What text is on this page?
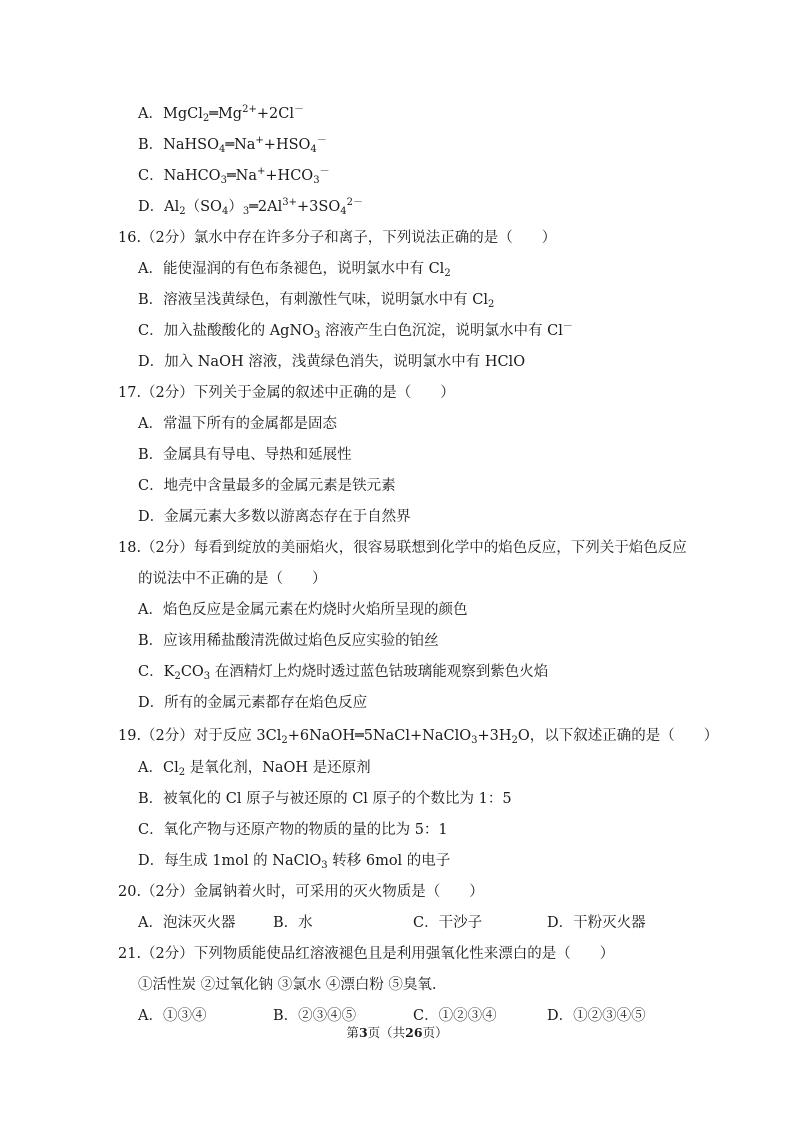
A．$MgCl_2═Mg^{2+}+2Cl^-$
B．$NaHSO_4═Na^++HSO_4^-$
C．$NaHCO_3═Na^++HCO_3^-$
D．$Al_2(SO_4)_3═2Al^{3+}+3SO_4^{2-}$
16.（2分）氯水中存在许多分子和离子，下列说法正确的是（　　）
A．能使湿润的有色布条褪色，说明氯水中有 $Cl_2$
B．溶液呈浅黄绿色，有刺激性气味，说明氯水中有 $Cl_2$
C．加入盐酸酸化的 AgNO$_3$ 溶液产生白色沉淀，说明氯水中有 Cl－
D．加入 NaOH 溶液，浅黄绿色消失，说明氯水中有 HClO
17.（2分）下列关于金属的叙述中正确的是（　　）
A．常温下所有的金属都是固态
B．金属具有导电、导热和延展性
C．地壳中含量最多的金属元素是铁元素
D．金属元素大多数以游离态存在于自然界
18.（2分）每看到绽放的美丽焰火，很容易联想到化学中的焰色反应，下列关于焰色反应
的说法中不正确的是（　　）
A．焰色反应是金属元素在灼烧时火焰所呈现的颜色
B．应该用稀盐酸清洗做过焰色反应实验的铂丝
C．$K_2CO_3$ 在酒精灯上灼烧时透过蓝色钴玻璃能观察到紫色火焰
D．所有的金属元素都存在焰色反应
19.（2分）对于反应 $3Cl_2+6NaOH═5NaCl+NaClO_3+3H_2O$，以下叙述正确的是（　　）
A．$Cl_2$ 是氧化剂，NaOH 是还原剂
B．被氧化的 Cl 原子与被还原的 Cl 原子的个数比为 1：5
C．氧化产物与还原产物的物质的量的比为 5：1
D．每生成 1mol 的 NaClO$_3$ 转移 6mol 的电子
20.（2分）金属钠着火时，可采用的灭火物质是（　　）
A．泡沫灭火器	B．水	C．干沙子	D．干粉灭火器
21.（2分）下列物质能使品红溶液褪色且是利用强氧化性来漂白的是（　　）
①活性炭 ②过氧化钠 ③氯水 ④漂白粉 ⑤臭氧.
A．①③④	B．②③④⑤	C．①②③④	D．①②③④⑤
第3页（共26页）
